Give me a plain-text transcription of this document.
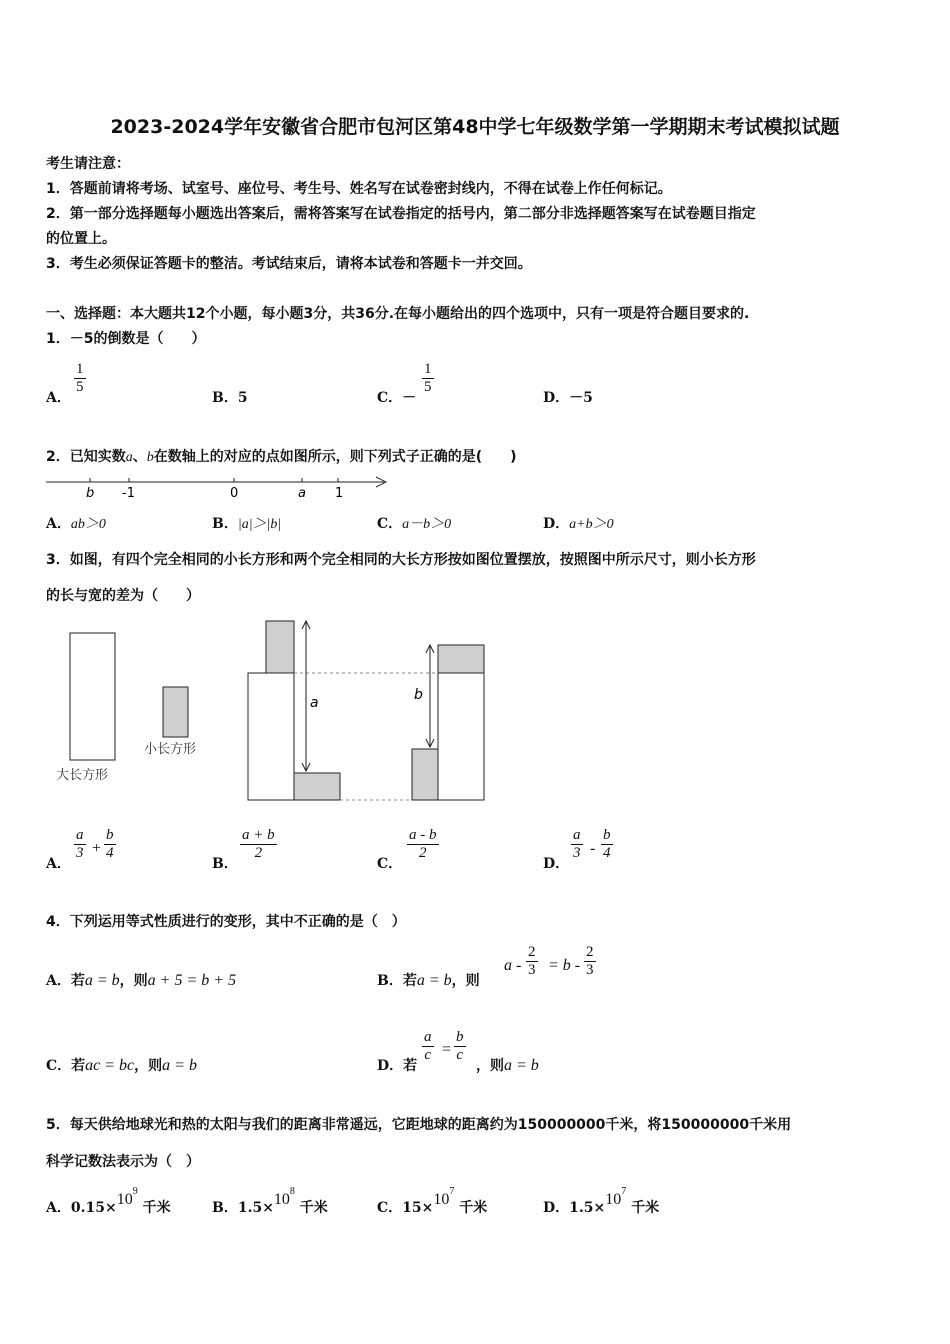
2023-2024学年安徽省合肥市包河区第48中学七年级数学第一学期期末考试模拟试题
考生请注意：
1．答题前请将考场、试室号、座位号、考生号、姓名写在试卷密封线内，不得在试卷上作任何标记。
2．第一部分选择题每小题选出答案后，需将答案写在试卷指定的括号内，第二部分非选择题答案写在试卷题目指定
的位置上。
3．考生必须保证答题卡的整洁。考试结束后，请将本试卷和答题卡一并交回。
一、选择题：本大题共12个小题，每小题3分，共36分.在每小题给出的四个选项中，只有一项是符合题目要求的.
1．－5的倒数是（　　）
A．
$\frac{1}{5}$
B．5	C．－
$\frac{1}{5}$
D．－5
2．已知实数a、b在数轴上的对应的点如图所示，则下列式子正确的是(　　)
b -1	0	a 1
A．ab＞0	B．|a|＞|b|	C．a－b＞0	D．a+b＞0
3．如图，有四个完全相同的小长方形和两个完全相同的大长方形按如图位置摆放，按照图中所示尺寸，则小长方形
的长与宽的差为（　　）
大长方形
小长方形
a	b
A．
$\frac{a}{3} + \frac{b}{4}$
B．
$\frac{a + b}{2}$
C．
$\frac{a - b}{2}$
D．
$\frac{a}{3} - \frac{b}{4}$
4．下列运用等式性质进行的变形，其中不正确的是（　）
A．若a = b，则a + 5 = b + 5	B．若a = b，则
$a - \frac{2}{3} = b - \frac{2}{3}$
C．若ac = bc，则a = b	D．若
$\frac{a}{c} = \frac{b}{c}$
，则a = b
5．每天供给地球光和热的太阳与我们的距离非常遥远，它距地球的距离约为150000000千米，将150000000千米用
科学记数法表示为（　）
A．$0.15\times 10^9$ 千米	B．$1.5\times 10^8$ 千米	C．$15\times 10^7$ 千米	D．$1.5\times 10^7$ 千米
